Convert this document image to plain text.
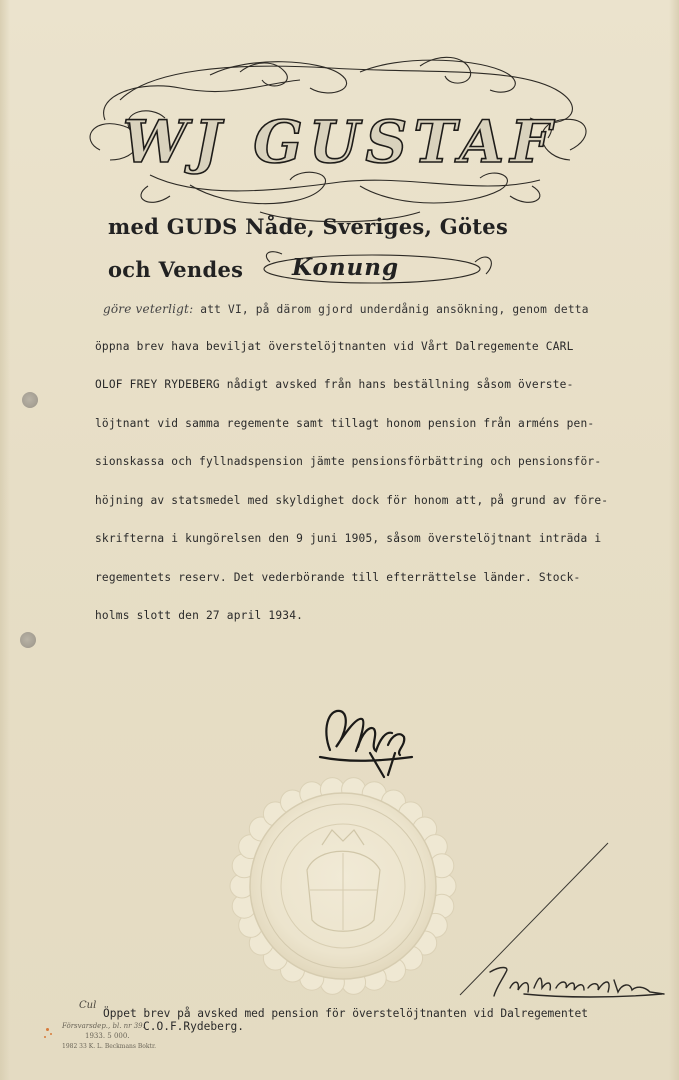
WJ GUSTAF
med GUDS Nåde, Sveriges, Götes
och Vendes Konung
göre veterligt: att VI, på därom gjord underdånig ansökning, genom detta
öppna brev hava beviljat överstelöjtnanten vid Vårt Dalregemente CARL
OLOF FREY RYDEBERG nådigt avsked från hans beställning såsom överste-
löjtnant vid samma regemente samt tillagt honom pension från arméns pen-
sionskassa och fyllnadspension jämte pensionsförbättring och pensionsför-
höjning av statsmedel med skyldighet dock för honom att, på grund av före-
skrifterna i kungörelsen den 9 juni 1905, såsom överstelöjtnant inträda i
regementets reserv. Det vederbörande till efterrättelse länder. Stock-
holms slott den 27 april 1934.
Öppet brev på avsked med pension för överstelöjtnanten vid Dalregementet
C.O.F.Rydeberg.
Cul
Försvarsdep., bl. nr 39.
1933. 5 000.
1982 33 K. L. Beckmans Boktr.
